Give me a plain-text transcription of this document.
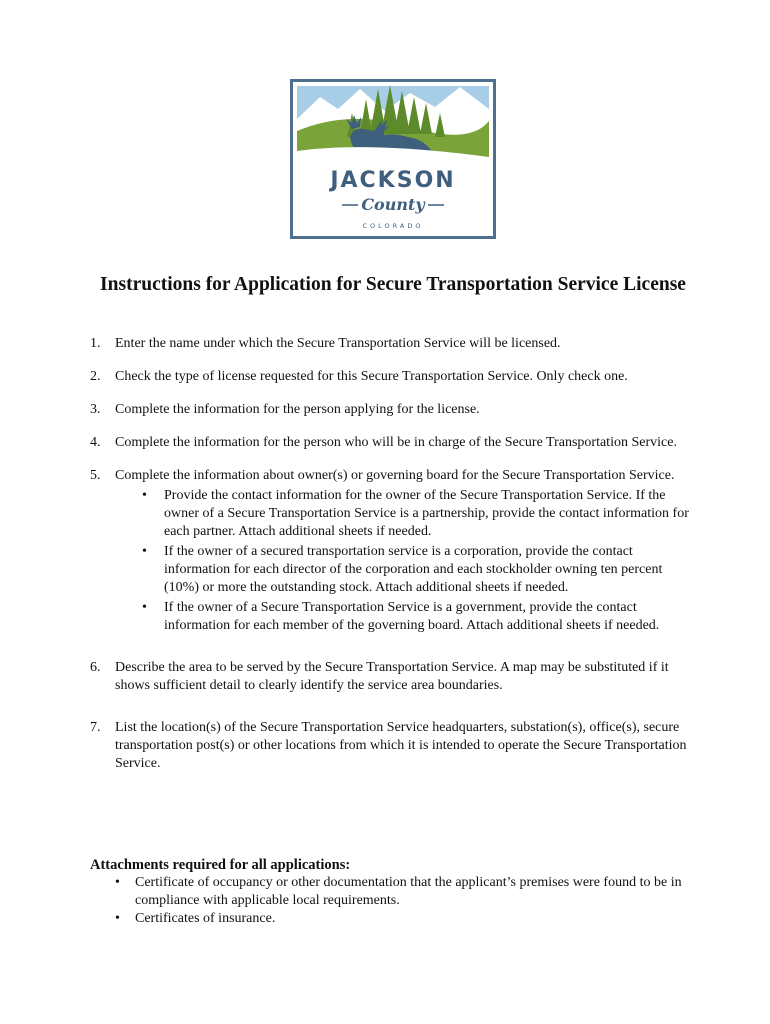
JACKSON
County
COLORADO
Instructions for Application for Secure Transportation Service License
1. Enter the name under which the Secure Transportation Service will be licensed.
2. Check the type of license requested for this Secure Transportation Service. Only check one.
3. Complete the information for the person applying for the license.
4. Complete the information for the person who will be in charge of the Secure Transportation Service.
5. Complete the information about owner(s) or governing board for the Secure Transportation Service.
• Provide the contact information for the owner of the Secure Transportation Service. If the owner of a Secure Transportation Service is a partnership, provide the contact information for each partner. Attach additional sheets if needed.
• If the owner of a secured transportation service is a corporation, provide the contact information for each director of the corporation and each stockholder owning ten percent (10%) or more the outstanding stock. Attach additional sheets if needed.
• If the owner of a Secure Transportation Service is a government, provide the contact information for each member of the governing board. Attach additional sheets if needed.
6. Describe the area to be served by the Secure Transportation Service. A map may be substituted if it shows sufficient detail to clearly identify the service area boundaries.
7. List the location(s) of the Secure Transportation Service headquarters, substation(s), office(s), secure transportation post(s) or other locations from which it is intended to operate the Secure Transportation Service.
Attachments required for all applications:
• Certificate of occupancy or other documentation that the applicant’s premises were found to be in compliance with applicable local requirements.
• Certificates of insurance.
